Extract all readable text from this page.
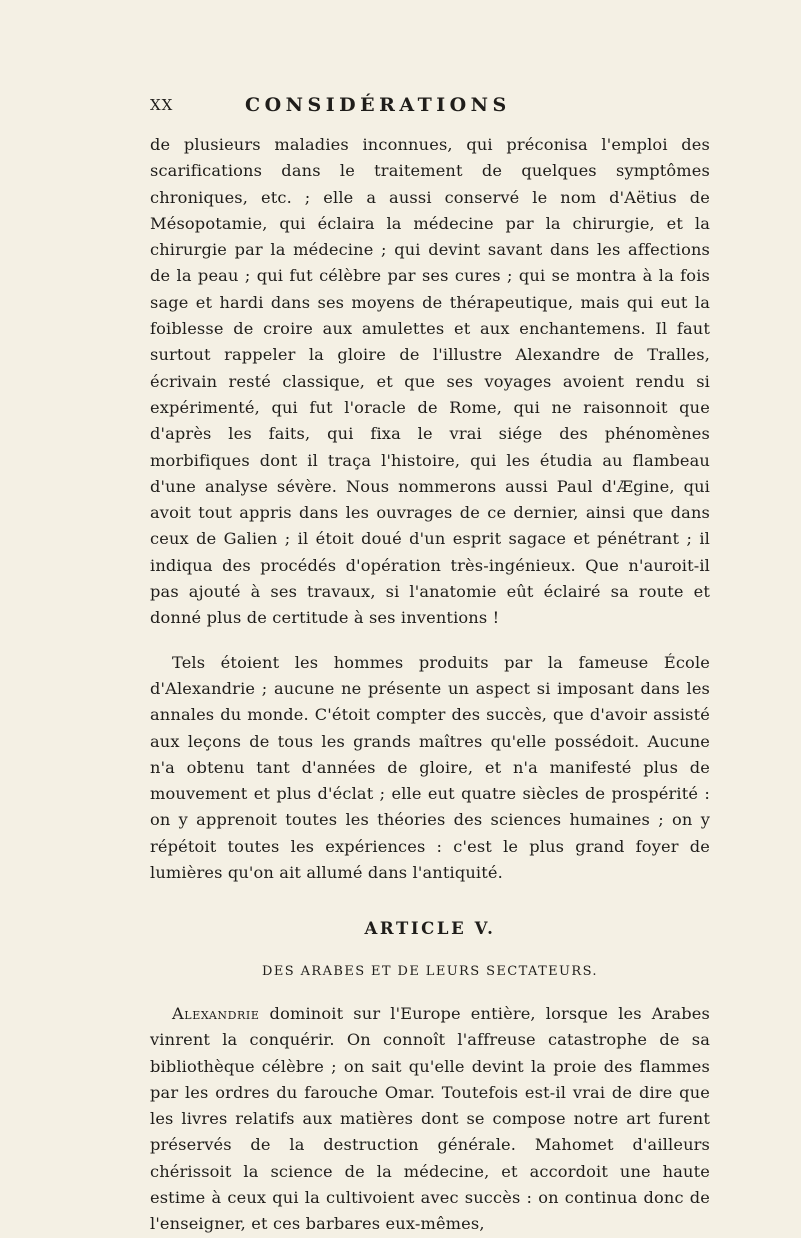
XX	CONSIDÉRATIONS

de plusieurs maladies inconnues, qui préconisa l'emploi des scarifications dans le traitement de quelques symptômes chroniques, etc. ; elle a aussi conservé le nom d'Aëtius de Mésopotamie, qui éclaira la médecine par la chirurgie, et la chirurgie par la médecine ; qui devint savant dans les affections de la peau ; qui fut célèbre par ses cures ; qui se montra à la fois sage et hardi dans ses moyens de thérapeutique, mais qui eut la foiblesse de croire aux amulettes et aux enchantemens. Il faut surtout rappeler la gloire de l'illustre Alexandre de Tralles, écrivain resté classique, et que ses voyages avoient rendu si expérimenté, qui fut l'oracle de Rome, qui ne raisonnoit que d'après les faits, qui fixa le vrai siége des phénomènes morbifiques dont il traça l'histoire, qui les étudia au flambeau d'une analyse sévère. Nous nommerons aussi Paul d'Ægine, qui avoit tout appris dans les ouvrages de ce dernier, ainsi que dans ceux de Galien ; il étoit doué d'un esprit sagace et pénétrant ; il indiqua des procédés d'opération très-ingénieux. Que n'auroit-il pas ajouté à ses travaux, si l'anatomie eût éclairé sa route et donné plus de certitude à ses inventions !

Tels étoient les hommes produits par la fameuse École d'Alexandrie ; aucune ne présente un aspect si imposant dans les annales du monde. C'étoit compter des succès, que d'avoir assisté aux leçons de tous les grands maîtres qu'elle possédoit. Aucune n'a obtenu tant d'années de gloire, et n'a manifesté plus de mouvement et plus d'éclat ; elle eut quatre siècles de prospérité : on y apprenoit toutes les théories des sciences humaines ; on y répétoit toutes les expériences : c'est le plus grand foyer de lumières qu'on ait allumé dans l'antiquité.

ARTICLE V.
DES ARABES ET DE LEURS SECTATEURS.

Alexandrie dominoit sur l'Europe entière, lorsque les Arabes vinrent la conquérir. On connoît l'affreuse catastrophe de sa bibliothèque célèbre ; on sait qu'elle devint la proie des flammes par les ordres du farouche Omar. Toutefois est-il vrai de dire que les livres relatifs aux matières dont se compose notre art furent préservés de la destruction générale. Mahomet d'ailleurs chérissoit la science de la médecine, et accordoit une haute estime à ceux qui la cultivoient avec succès : on continua donc de l'enseigner, et ces barbares eux-mêmes,
